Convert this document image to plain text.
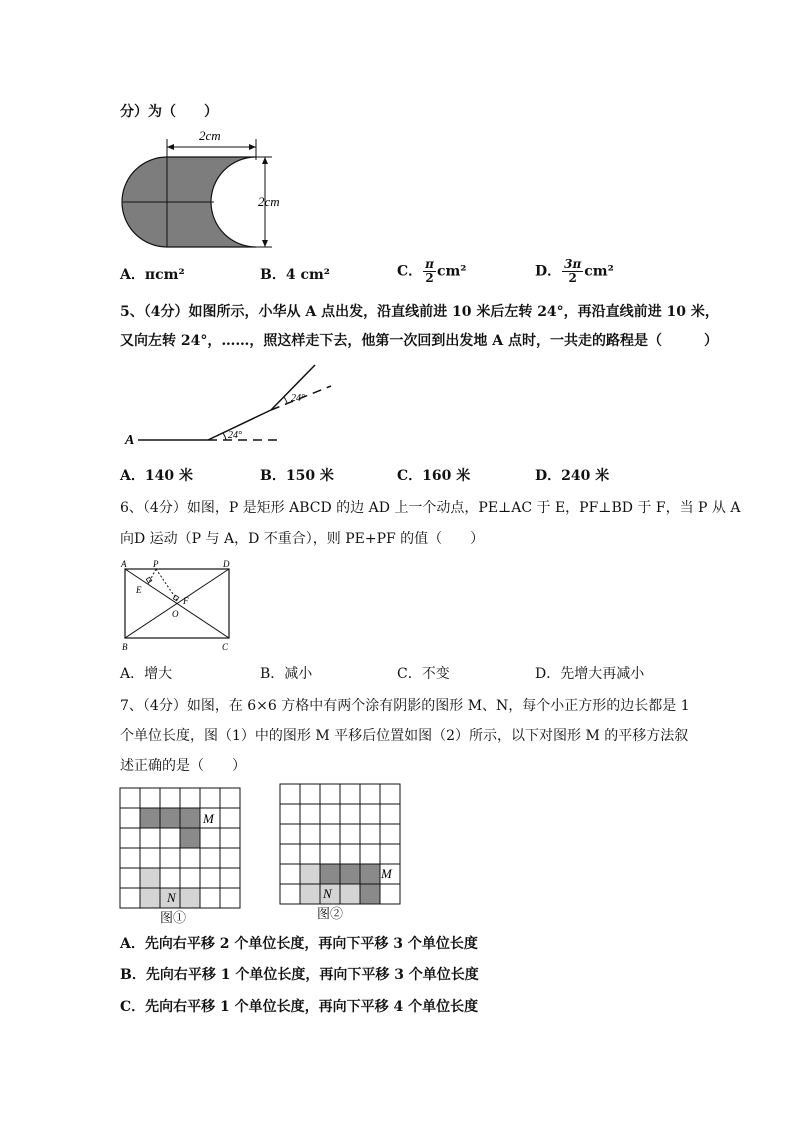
分）为（　　）
2cm
2cm
A．πcm²	B．4 cm²	C． $\frac{\pi}{2} cm^2$	D． $\frac{3\pi}{2} cm^2$
5、（4分）如图所示，小华从 A 点出发，沿直线前进 10 米后左转 24°，再沿直线前进 10 米，
又向左转 24°，……，照这样走下去，他第一次回到出发地 A 点时，一共走的路程是（　　　）
A	24°
24°
A．140 米	B．150 米	C．160 米	D．240 米
6、（4分）如图，P 是矩形 ABCD 的边 AD 上一个动点，PE⊥AC 于 E，PF⊥BD 于 F，当 P 从 A
向D 运动（P 与 A，D 不重合），则 PE+PF 的值（　　）
A	P	D
E
F
O
B	C
A．增大	B．减小	C．不变	D．先增大再减小
7、（4分）如图，在 6×6 方格中有两个涂有阴影的图形 M、N，每个小正方形的边长都是 1
个单位长度，图（1）中的图形 M 平移后位置如图（2）所示，以下对图形 M 的平移方法叙
述正确的是（　　）
M
N
图①
M
N
图②
A．先向右平移 2 个单位长度，再向下平移 3 个单位长度
B．先向右平移 1 个单位长度，再向下平移 3 个单位长度
C．先向右平移 1 个单位长度，再向下平移 4 个单位长度
